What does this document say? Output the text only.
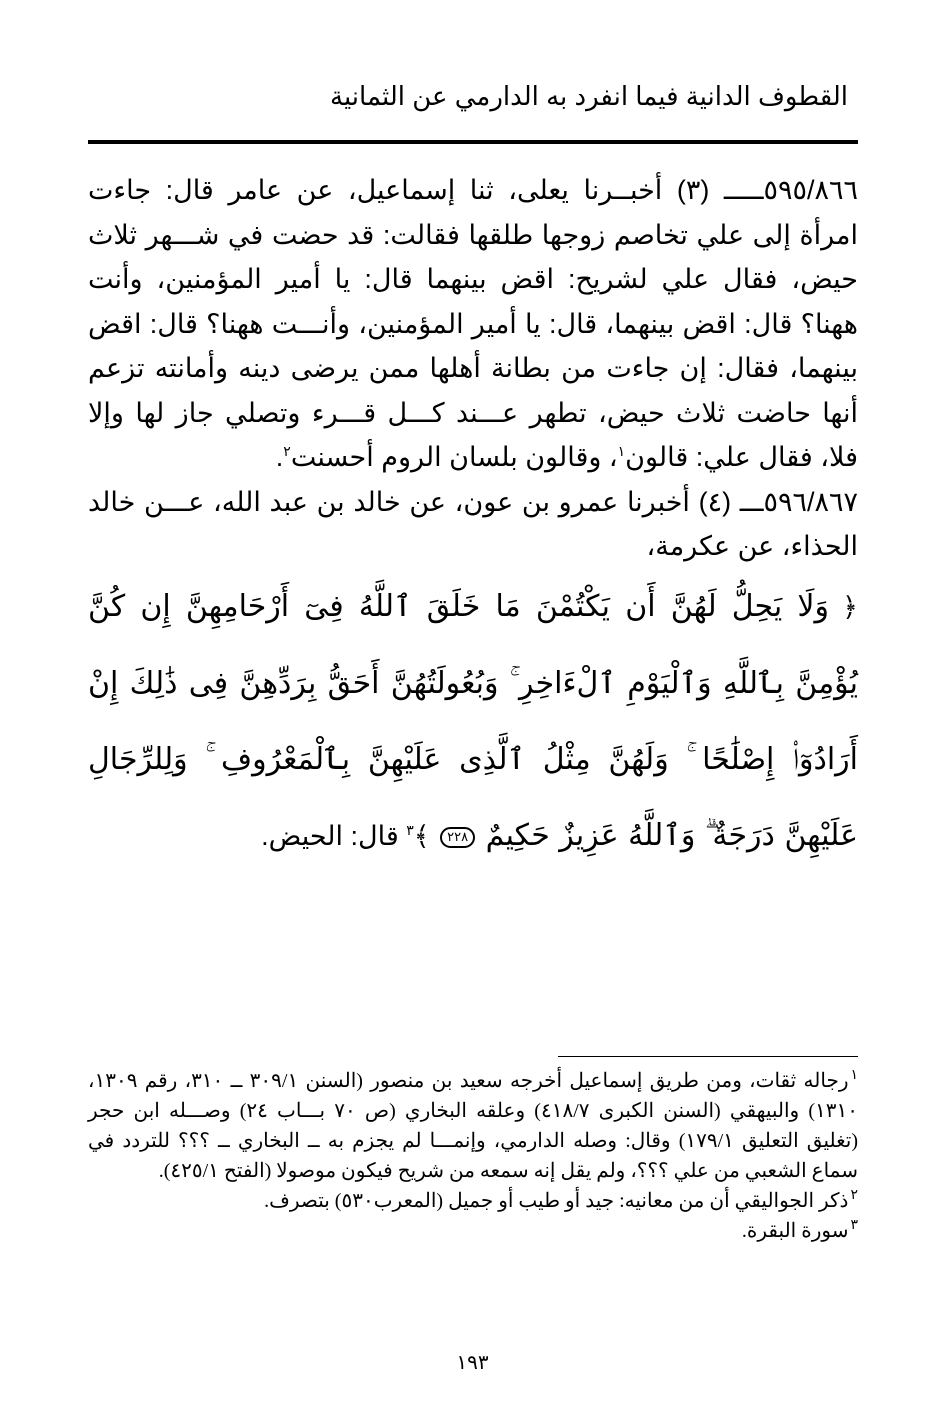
القطوف الدانية فيما انفرد به الدارمي عن الثمانية

٥٩٥/٨٦٦ـــــ (٣) أخبــرنا يعلى، ثنا إسماعيل، عن عامر قال: جاءت امرأة إلى علي تخاصم زوجها طلقها فقالت: قد حضت في شـــهر ثلاث حيض، فقال علي لشريح: اقض بينهما قال: يا أمير المؤمنين، وأنت ههنا؟ قال: اقض بينهما، قال: يا أمير المؤمنين، وأنـــت ههنا؟ قال: اقض بينهما، فقال: إن جاءت من بطانة أهلها ممن يرضى دينه وأمانته تزعم أنها حاضت ثلاث حيض، تطهر عـــند كـــل قـــرء وتصلي جاز لها وإلا فلا، فقال علي: قالون$^١$، وقالون بلسان الروم أحسنت$^٢$.

٥٩٦/٨٦٧ـــ (٤) أخبرنا عمرو بن عون، عن خالد بن عبد الله، عـــن خالد الحذاء، عن عكرمة،

﴿ وَلَا يَحِلُّ لَهُنَّ أَن يَكْتُمْنَ مَا خَلَقَ ٱللَّهُ فِىٓ أَرْحَامِهِنَّ إِن كُنَّ يُؤْمِنَّ بِٱللَّهِ وَٱلْيَوْمِ ٱلْءَاخِرِ ۚ وَبُعُولَتُهُنَّ أَحَقُّ بِرَدِّهِنَّ فِى ذَٰلِكَ إِنْ أَرَادُوٓا۟ إِصْلَٰحًا ۚ وَلَهُنَّ مِثْلُ ٱلَّذِى عَلَيْهِنَّ بِٱلْمَعْرُوفِ ۚ وَلِلرِّجَالِ عَلَيْهِنَّ دَرَجَةٌ ۗ وَٱللَّهُ عَزِيزٌ حَكِيمٌ ٢٢٨ ﴾$^٣$ قال: الحيض.

$^١$رجاله ثقات، ومن طريق إسماعيل أخرجه سعيد بن منصور (السنن ٣٠٩/١ ــ ٣١٠، رقم ١٣٠٩، ١٣١٠) والبيهقي (السنن الكبرى ٤١٨/٧) وعلقه البخاري (ص ٧٠ بـــاب ٢٤) وصـــله ابن حجر (تغليق التعليق ١٧٩/١) وقال: وصله الدارمي، وإنمـــا لم يجزم به ــ البخاري ــ ؟؟؟ للتردد في سماع الشعبي من علي ؟؟؟، ولم يقل إنه سمعه من شريح فيكون موصولا (الفتح ٤٢٥/١).

$^٢$ذكر الجواليقي أن من معانيه: جيد أو طيب أو جميل (المعرب٥٣٠) بتصرف.

$^٣$سورة البقرة.

١٩٣
